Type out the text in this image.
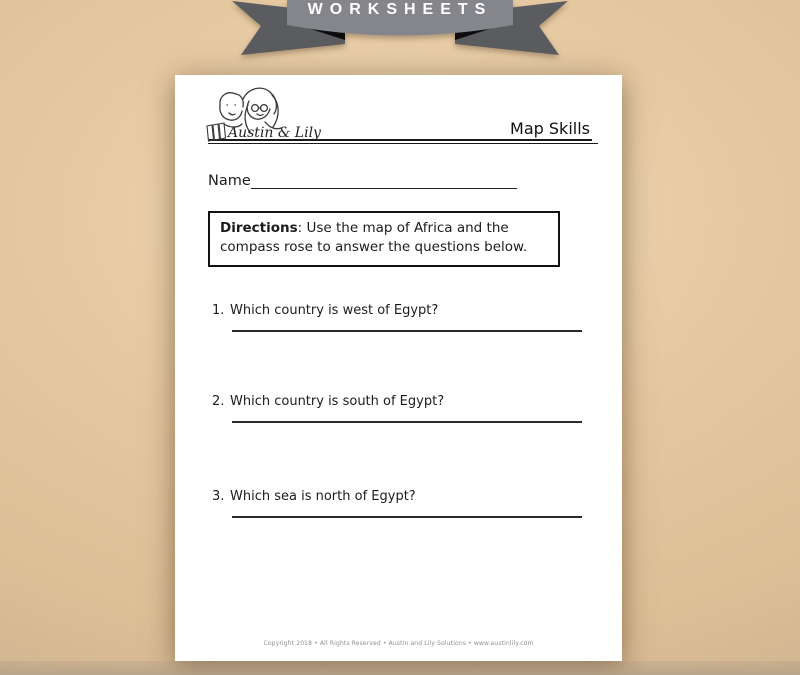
WORKSHEETS
Austin & Lily	Map Skills
Name
Directions: Use the map of Africa and the compass rose to answer the questions below.
1. Which country is west of Egypt?
2. Which country is south of Egypt?
3. Which sea is north of Egypt?
Copyright 2018 • All Rights Reserved • Austin and Lily Solutions • www.austinlily.com
